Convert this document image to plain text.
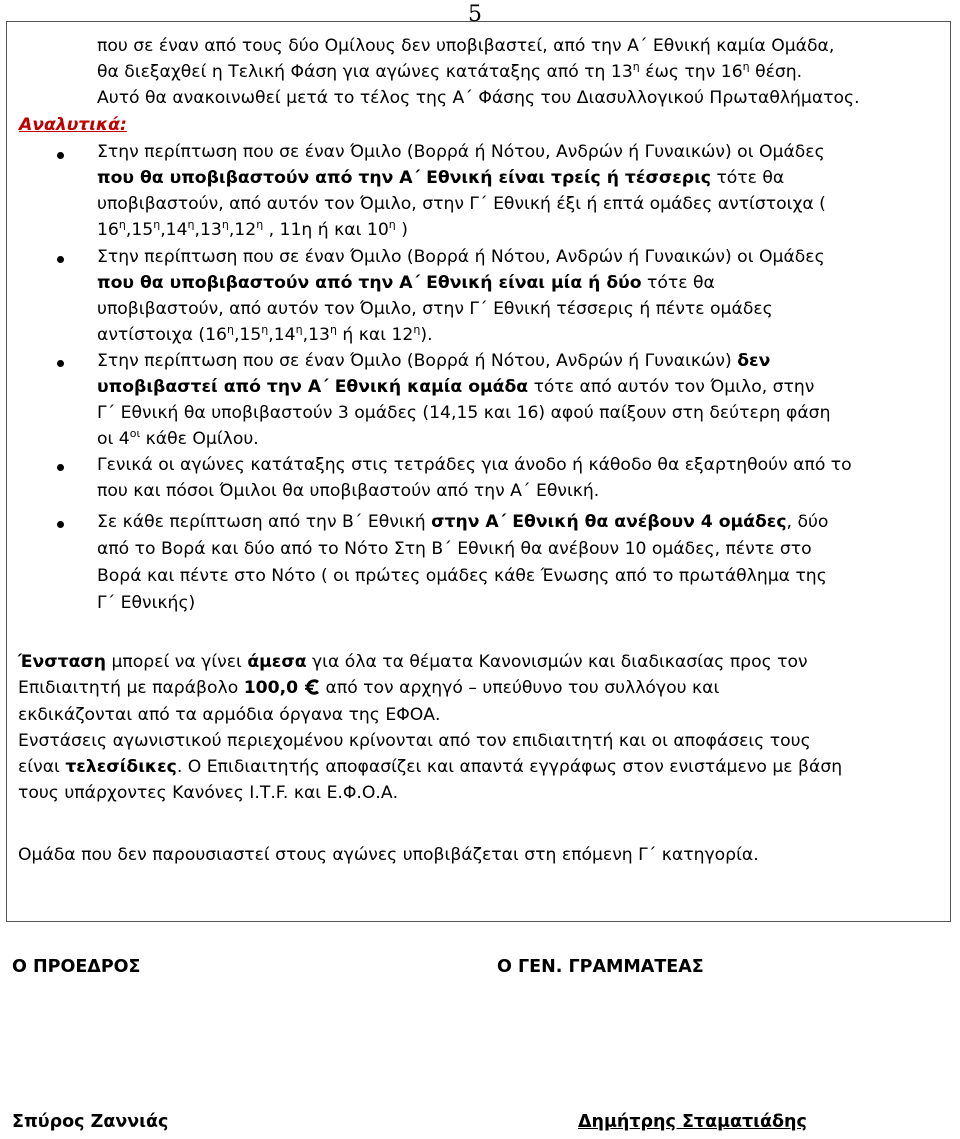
5
που σε έναν από τους δύο Ομίλους δεν υποβιβαστεί, από την Α΄ Εθνική καμία Ομάδα,
θα διεξαχθεί η Τελική Φάση για αγώνες κατάταξης από τη $13^\eta$ έως την $16^\eta$ θέση.
Αυτό θα ανακοινωθεί μετά το τέλος της Α΄ Φάσης του Διασυλλογικού Πρωταθλήματος.
Αναλυτικά:
Στην περίπτωση που σε έναν Όμιλο (Βορρά ή Νότου, Ανδρών ή Γυναικών) οι Ομάδες
που θα υποβιβαστούν από την Α΄ Εθνική είναι τρείς ή τέσσερις τότε θα
υποβιβαστούν, από αυτόν τον Όμιλο, στην Γ΄ Εθνική έξι ή επτά ομάδες αντίστοιχα (
$16^\eta,15^\eta,14^\eta,13^\eta,12^\eta$ , 11η ή και $10^\eta$ )
Στην περίπτωση που σε έναν Όμιλο (Βορρά ή Νότου, Ανδρών ή Γυναικών) οι Ομάδες
που θα υποβιβαστούν από την Α΄ Εθνική είναι μία ή δύο τότε θα
υποβιβαστούν, από αυτόν τον Όμιλο, στην Γ΄ Εθνική τέσσερις ή πέντε ομάδες
αντίστοιχα ($16^\eta,15^\eta,14^\eta,13^\eta$ ή και $12^\eta$).
Στην περίπτωση που σε έναν Όμιλο (Βορρά ή Νότου, Ανδρών ή Γυναικών) δεν
υποβιβαστεί από την Α΄ Εθνική καμία ομάδα τότε από αυτόν τον Όμιλο, στην
Γ΄ Εθνική θα υποβιβαστούν 3 ομάδες (14,15 και 16) αφού παίξουν στη δεύτερη φάση
οι $4^{o\iota}$ κάθε Ομίλου.
Γενικά οι αγώνες κατάταξης στις τετράδες για άνοδο ή κάθοδο θα εξαρτηθούν από το
που και πόσοι Όμιλοι θα υποβιβαστούν από την Α΄ Εθνική.
Σε κάθε περίπτωση από την Β΄ Εθνική στην Α΄ Εθνική θα ανέβουν 4 ομάδες, δύο
από το Βορά και δύο από το Νότο Στη Β΄ Εθνική θα ανέβουν 10 ομάδες, πέντε στο
Βορά και πέντε στο Νότο ( οι πρώτες ομάδες κάθε Ένωσης από το πρωτάθλημα της
Γ΄ Εθνικής)
Ένσταση μπορεί να γίνει άμεσα για όλα τα θέματα Κανονισμών και διαδικασίας προς τον
Επιδιαιτητή με παράβολο 100,0 από τον αρχηγό – υπεύθυνο του συλλόγου και
εκδικάζονται από τα αρμόδια όργανα της ΕΦΟΑ.
Ενστάσεις αγωνιστικού περιεχομένου κρίνονται από τον επιδιαιτητή και οι αποφάσεις τους
είναι τελεσίδικες. Ο Επιδιαιτητής αποφασίζει και απαντά εγγράφως στον ενιστάμενο με βάση
τους υπάρχοντες Κανόνες Ι.Τ.F. και Ε.Φ.Ο.Α.
Ομάδα που δεν παρουσιαστεί στους αγώνες υποβιβάζεται στη επόμενη Γ΄ κατηγορία.
Ο ΠΡΟΕΔΡΟΣ	Ο ΓΕΝ. ΓΡΑΜΜΑΤΕΑΣ
Σπύρος Ζαννιάς	Δημήτρης Σταματιάδης
